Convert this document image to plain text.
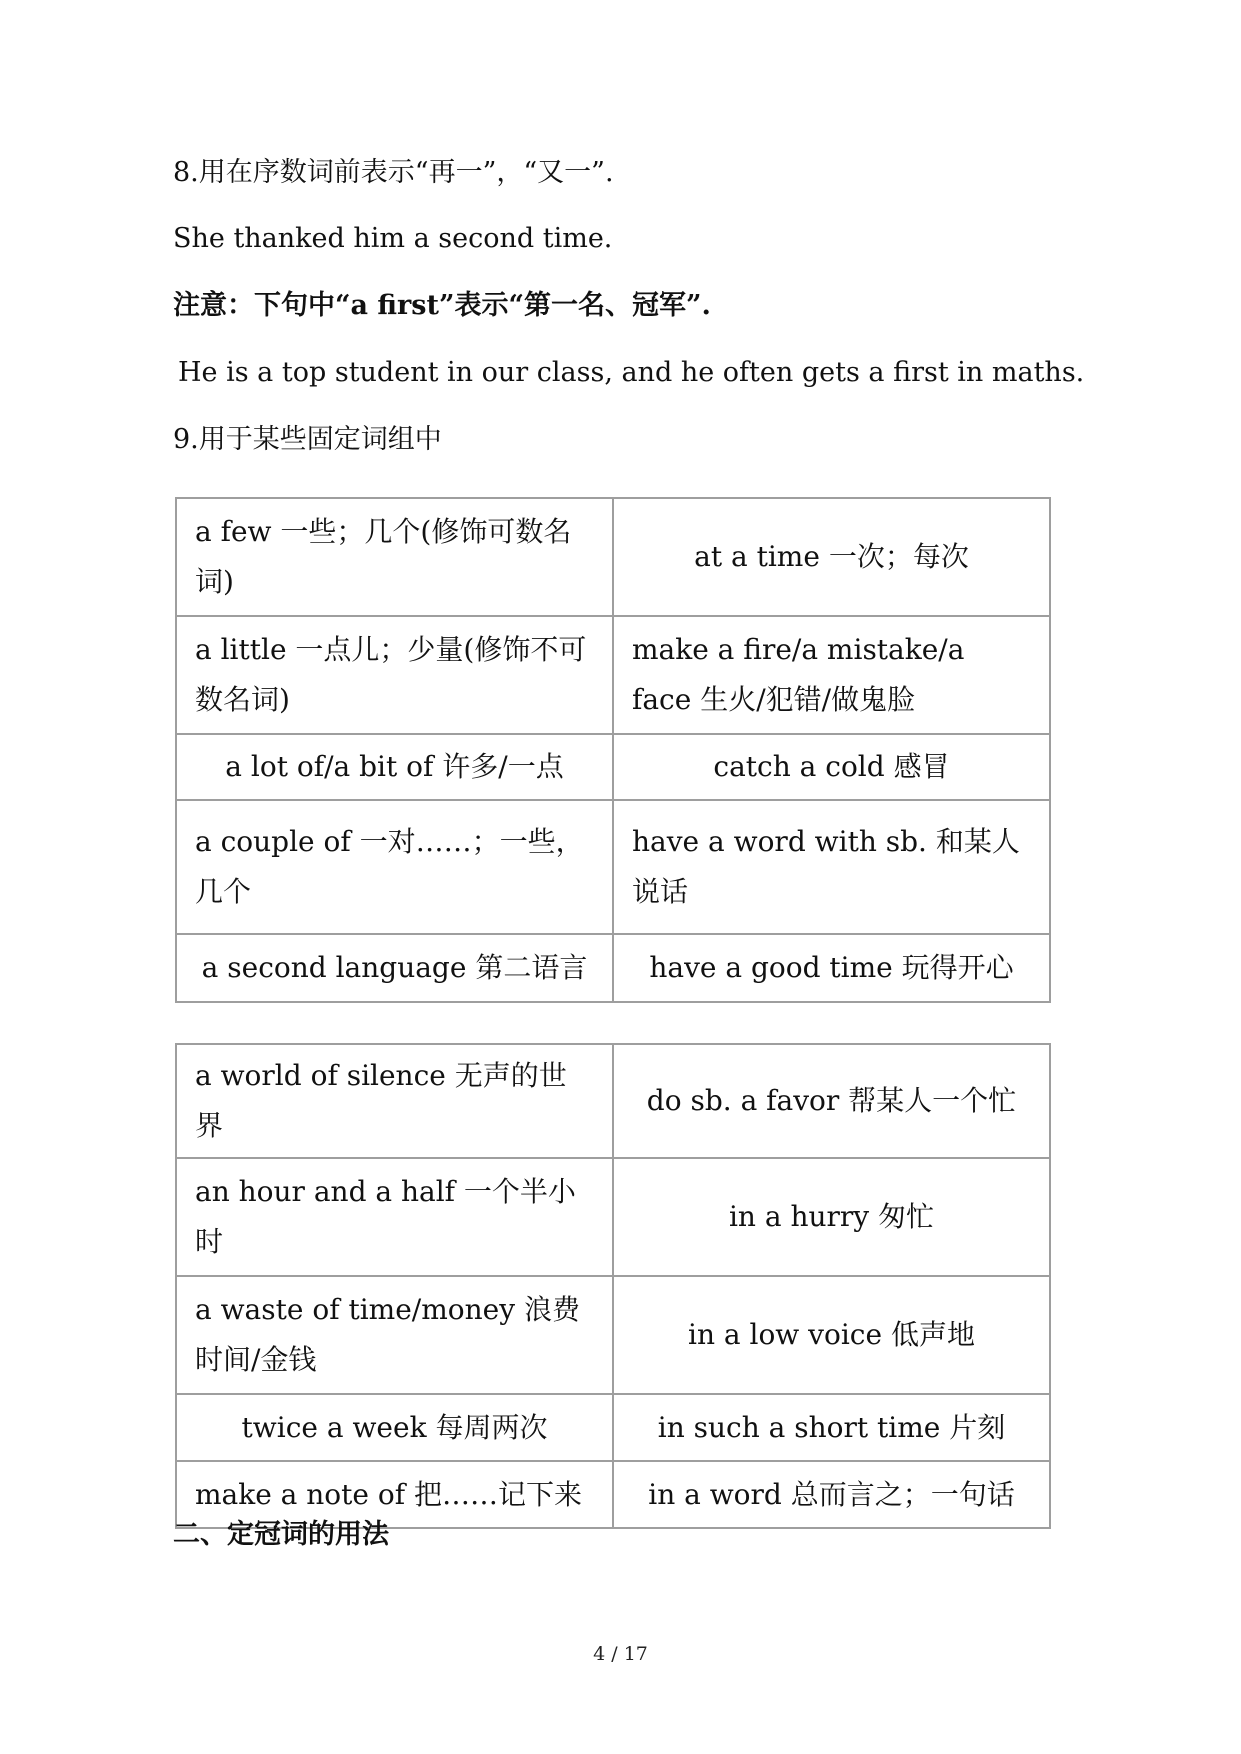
8.用在序数词前表示“再一”，“又一”.
She thanked him a second time.
注意：下句中“a first”表示“第一名、冠军”.
He is a top student in our class, and he often gets a first in maths.
9.用于某些固定词组中
a few 一些；几个(修饰可数名词)	at a time 一次；每次
a little 一点儿；少量(修饰不可数名词)	make a fire/a mistake/a face 生火/犯错/做鬼脸
a lot of/a bit of 许多/一点	catch a cold 感冒
a couple of 一对……；一些，几个	have a word with sb. 和某人说话
a second language 第二语言	have a good time 玩得开心
a world of silence 无声的世界	do sb. a favor 帮某人一个忙
an hour and a half 一个半小时	in a hurry 匆忙
a waste of time/money 浪费时间/金钱	in a low voice 低声地
twice a week 每周两次	in such a short time 片刻
make a note of 把……记下来	in a word 总而言之；一句话
二、定冠词的用法
4 / 17
